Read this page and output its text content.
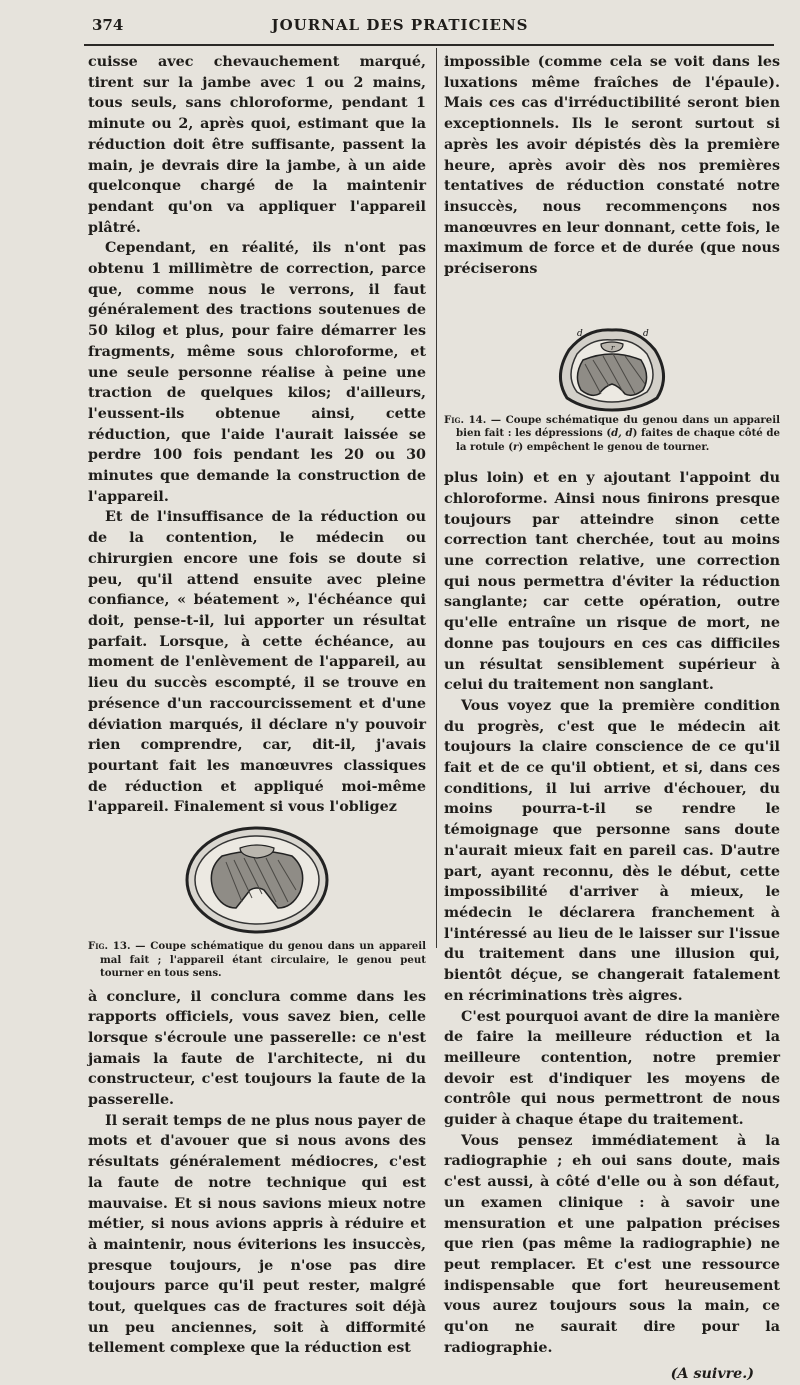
374	JOURNAL DES PRATICIENS

cuisse avec chevauchement marqué, tirent sur la jambe avec 1 ou 2 mains, tous seuls, sans chloroforme, pendant 1 minute ou 2, après quoi, estimant que la réduction doit être suffisante, passent la main, je devrais dire la jambe, à un aide quelconque chargé de la maintenir pendant qu'on va appliquer l'appareil plâtré.

Cependant, en réalité, ils n'ont pas obtenu 1 millimètre de correction, parce que, comme nous le verrons, il faut généralement des tractions soutenues de 50 kilog et plus, pour faire démarrer les fragments, même sous chloroforme, et une seule personne réalise à peine une traction de quelques kilos; d'ailleurs, l'eussent-ils obtenue ainsi, cette réduction, que l'aide l'aurait laissée se perdre 100 fois pendant les 20 ou 30 minutes que demande la construction de l'appareil.

Et de l'insuffisance de la réduction ou de la contention, le médecin ou chirurgien encore une fois se doute si peu, qu'il attend ensuite avec pleine confiance, « béatement », l'échéance qui doit, pense-t-il, lui apporter un résultat parfait. Lorsque, à cette échéance, au moment de l'enlèvement de l'appareil, au lieu du succès escompté, il se trouve en présence d'un raccourcissement et d'une déviation marqués, il déclare n'y pouvoir rien comprendre, car, dit-il, j'avais pourtant fait les manœuvres classiques de réduction et appliqué moi-même l'appareil. Finalement si vous l'obligez

Fig. 13. — Coupe schématique du genou dans un appareil mal fait ; l'appareil étant circulaire, le genou peut tourner en tous sens.

à conclure, il conclura comme dans les rapports officiels, vous savez bien, celle lorsque s'écroule une passerelle: ce n'est jamais la faute de l'architecte, ni du constructeur, c'est toujours la faute de la passerelle.

Il serait temps de ne plus nous payer de mots et d'avouer que si nous avons des résultats généralement médiocres, c'est la faute de notre technique qui est mauvaise. Et si nous savions mieux notre métier, si nous avions appris à réduire et à maintenir, nous éviterions les insuccès, presque toujours, je n'ose pas dire toujours parce qu'il peut rester, malgré tout, quelques cas de fractures soit déjà un peu anciennes, soit à difformité tellement complexe que la réduction est

impossible (comme cela se voit dans les luxations même fraîches de l'épaule). Mais ces cas d'irréductibilité seront bien exceptionnels. Ils le seront surtout si après les avoir dépistés dès la première heure, après avoir dès nos premières tentatives de réduction constaté notre insuccès, nous recommençons nos manœuvres en leur donnant, cette fois, le maximum de force et de durée (que nous préciserons

r
d	d
Fig. 14. — Coupe schématique du genou dans un appareil bien fait : les dépressions (d, d) faites de chaque côté de la rotule (r) empêchent le genou de tourner.

plus loin) et en y ajoutant l'appoint du chloroforme. Ainsi nous finirons presque toujours par atteindre sinon cette correction tant cherchée, tout au moins une correction relative, une correction qui nous permettra d'éviter la réduction sanglante; car cette opération, outre qu'elle entraîne un risque de mort, ne donne pas toujours en ces cas difficiles un résultat sensiblement supérieur à celui du traitement non sanglant.

Vous voyez que la première condition du progrès, c'est que le médecin ait toujours la claire conscience de ce qu'il fait et de ce qu'il obtient, et si, dans ces conditions, il lui arrive d'échouer, du moins pourra-t-il se rendre le témoignage que personne sans doute n'aurait mieux fait en pareil cas. D'autre part, ayant reconnu, dès le début, cette impossibilité d'arriver à mieux, le médecin le déclarera franchement à l'intéressé au lieu de le laisser sur l'issue du traitement dans une illusion qui, bientôt déçue, se changerait fatalement en récriminations très aigres.

C'est pourquoi avant de dire la manière de faire la meilleure réduction et la meilleure contention, notre premier devoir est d'indiquer les moyens de contrôle qui nous permettront de nous guider à chaque étape du traitement.

Vous pensez immédiatement à la radiographie ; eh oui sans doute, mais c'est aussi, à côté d'elle ou à son défaut, un examen clinique : à savoir une mensuration et une palpation précises que rien (pas même la radiographie) ne peut remplacer. Et c'est une ressource indispensable que fort heureusement vous aurez toujours sous la main, ce qu'on ne saurait dire pour la radiographie.

(A suivre.)
